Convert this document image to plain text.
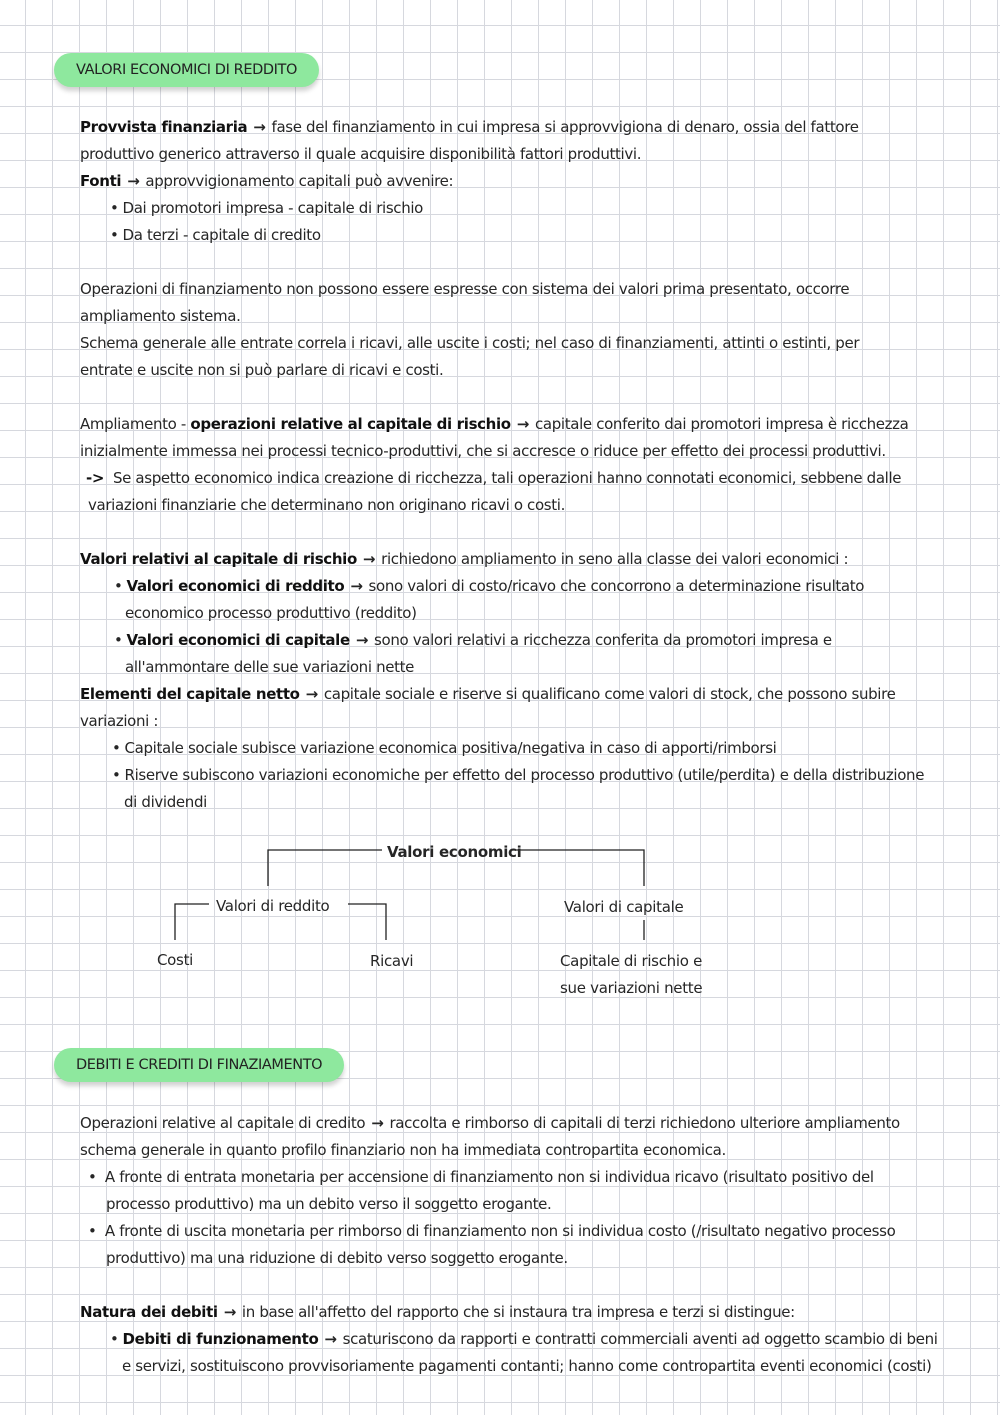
VALORI ECONOMICI DI REDDITO
Provvista finanziaria → fase del finanziamento in cui impresa si approvvigiona di denaro, ossia del fattore
produttivo generico attraverso il quale acquisire disponibilità fattori produttivi.
Fonti → approvvigionamento capitali può avvenire:
• Dai promotori impresa - capitale di rischio
• Da terzi - capitale di credito
Operazioni di finanziamento non possono essere espresse con sistema dei valori prima presentato, occorre
ampliamento sistema.
Schema generale alle entrate correla i ricavi, alle uscite i costi; nel caso di finanziamenti, attinti o estinti, per
entrate e uscite non si può parlare di ricavi e costi.
Ampliamento - operazioni relative al capitale di rischio → capitale conferito dai promotori impresa è ricchezza
inizialmente immessa nei processi tecnico-produttivi, che si accresce o riduce per effetto dei processi produttivi.
-> Se aspetto economico indica creazione di ricchezza, tali operazioni hanno connotati economici, sebbene dalle
variazioni finanziarie che determinano non originano ricavi o costi.
Valori relativi al capitale di rischio → richiedono ampliamento in seno alla classe dei valori economici :
• Valori economici di reddito → sono valori di costo/ricavo che concorrono a determinazione risultato
economico processo produttivo (reddito)
• Valori economici di capitale → sono valori relativi a ricchezza conferita da promotori impresa e
all'ammontare delle sue variazioni nette
Elementi del capitale netto → capitale sociale e riserve si qualificano come valori di stock, che possono subire
variazioni :
• Capitale sociale subisce variazione economica positiva/negativa in caso di apporti/rimborsi
• Riserve subiscono variazioni economiche per effetto del processo produttivo (utile/perdita) e della distribuzione
di dividendi
Valori economici
Valori di reddito	Valori di capitale
Costi	Ricavi	Capitale di rischio e
sue variazioni nette
DEBITI E CREDITI DI FINAZIAMENTO
Operazioni relative al capitale di credito → raccolta e rimborso di capitali di terzi richiedono ulteriore ampliamento
schema generale in quanto profilo finanziario non ha immediata contropartita economica.
• A fronte di entrata monetaria per accensione di finanziamento non si individua ricavo (risultato positivo del
processo produttivo) ma un debito verso il soggetto erogante.
• A fronte di uscita monetaria per rimborso di finanziamento non si individua costo (/risultato negativo processo
produttivo) ma una riduzione di debito verso soggetto erogante.
Natura dei debiti → in base all'affetto del rapporto che si instaura tra impresa e terzi si distingue:
• Debiti di funzionamento → scaturiscono da rapporti e contratti commerciali aventi ad oggetto scambio di beni
e servizi, sostituiscono provvisoriamente pagamenti contanti; hanno come contropartita eventi economici (costi)
